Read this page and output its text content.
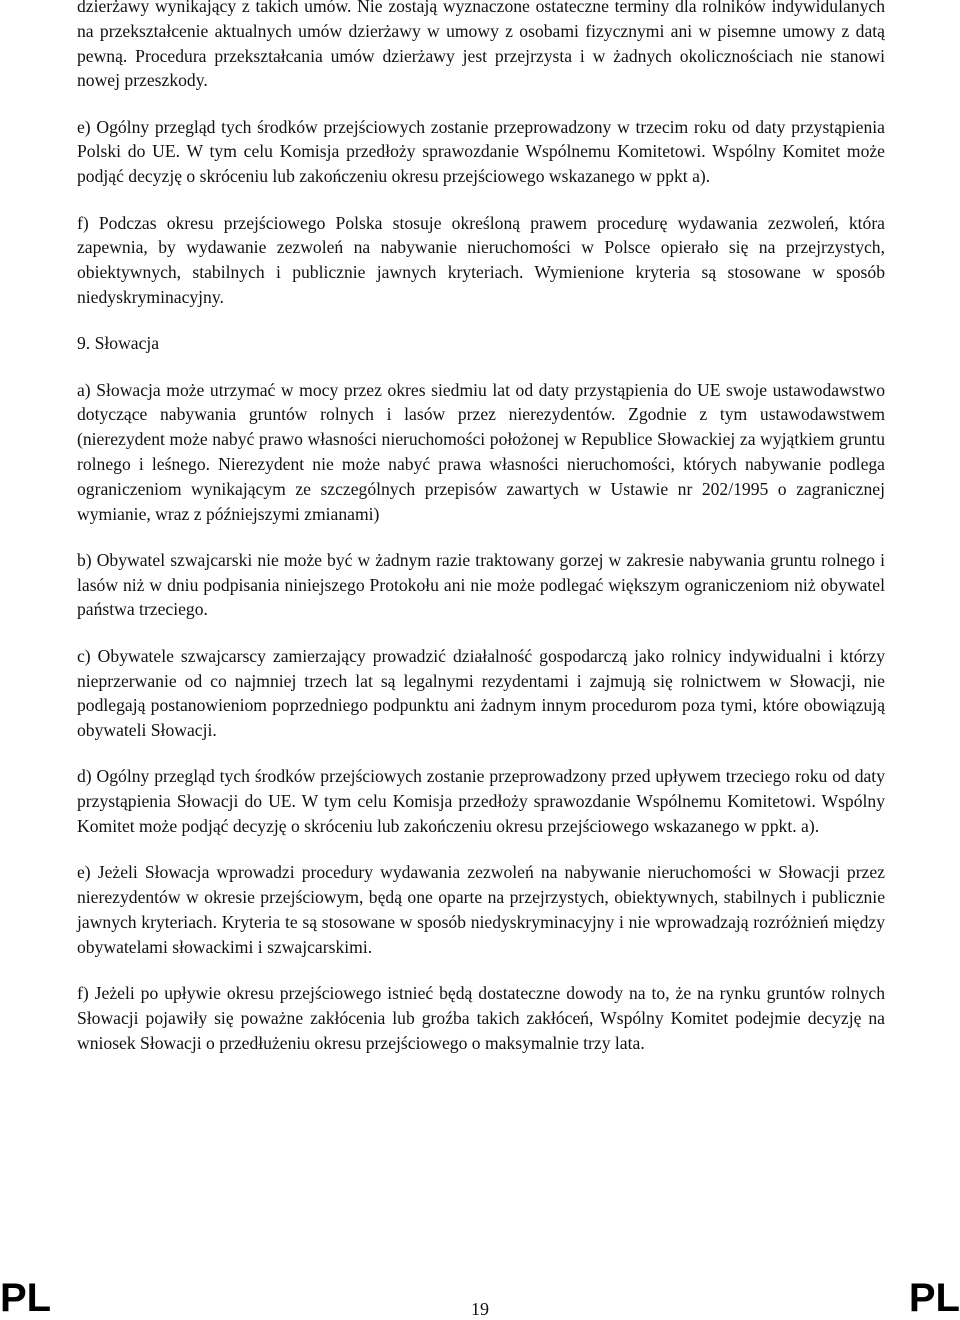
dzierżawy wynikający z takich umów. Nie zostają wyznaczone ostateczne terminy dla rolników indywidulanych na przekształcenie aktualnych umów dzierżawy w umowy z osobami fizycznymi ani w pisemne umowy z datą pewną. Procedura przekształcania umów dzierżawy jest przejrzysta i w żadnych okolicznościach nie stanowi nowej przeszkody.

e) Ogólny przegląd tych środków przejściowych zostanie przeprowadzony w trzecim roku od daty przystąpienia Polski do UE. W tym celu Komisja przedłoży sprawozdanie Wspólnemu Komitetowi. Wspólny Komitet może podjąć decyzję o skróceniu lub zakończeniu okresu przejściowego wskazanego w ppkt a).

f) Podczas okresu przejściowego Polska stosuje określoną prawem procedurę wydawania zezwoleń, która zapewnia, by wydawanie zezwoleń na nabywanie nieruchomości w Polsce opierało się na przejrzystych, obiektywnych, stabilnych i publicznie jawnych kryteriach. Wymienione kryteria są stosowane w sposób niedyskryminacyjny.

9. Słowacja

a) Słowacja może utrzymać w mocy przez okres siedmiu lat od daty przystąpienia do UE swoje ustawodawstwo dotyczące nabywania gruntów rolnych i lasów przez nierezydentów. Zgodnie z tym ustawodawstwem (nierezydent może nabyć prawo własności nieruchomości położonej w Republice Słowackiej za wyjątkiem gruntu rolnego i leśnego. Nierezydent nie może nabyć prawa własności nieruchomości, których nabywanie podlega ograniczeniom wynikającym ze szczególnych przepisów zawartych w Ustawie nr 202/1995 o zagranicznej wymianie, wraz z późniejszymi zmianami)

b) Obywatel szwajcarski nie może być w żadnym razie traktowany gorzej w zakresie nabywania gruntu rolnego i lasów niż w dniu podpisania niniejszego Protokołu ani nie może podlegać większym ograniczeniom niż obywatel państwa trzeciego.

c) Obywatele szwajcarscy zamierzający prowadzić działalność gospodarczą jako rolnicy indywidualni i którzy nieprzerwanie od co najmniej trzech lat są legalnymi rezydentami i zajmują się rolnictwem w Słowacji, nie podlegają postanowieniom poprzedniego podpunktu ani żadnym innym procedurom poza tymi, które obowiązują obywateli Słowacji.

d) Ogólny przegląd tych środków przejściowych zostanie przeprowadzony przed upływem trzeciego roku od daty przystąpienia Słowacji do UE. W tym celu Komisja przedłoży sprawozdanie Wspólnemu Komitetowi. Wspólny Komitet może podjąć decyzję o skróceniu lub zakończeniu okresu przejściowego wskazanego w ppkt. a).

e) Jeżeli Słowacja wprowadzi procedury wydawania zezwoleń na nabywanie nieruchomości w Słowacji przez nierezydentów w okresie przejściowym, będą one oparte na przejrzystych, obiektywnych, stabilnych i publicznie jawnych kryteriach. Kryteria te są stosowane w sposób niedyskryminacyjny i nie wprowadzają rozróżnień między obywatelami słowackimi i szwajcarskimi.

f) Jeżeli po upływie okresu przejściowego istnieć będą dostateczne dowody na to, że na rynku gruntów rolnych Słowacji pojawiły się poważne zakłócenia lub groźba takich zakłóceń, Wspólny Komitet podejmie decyzję na wniosek Słowacji o przedłużeniu okresu przejściowego o maksymalnie trzy lata.

PL	19	PL
